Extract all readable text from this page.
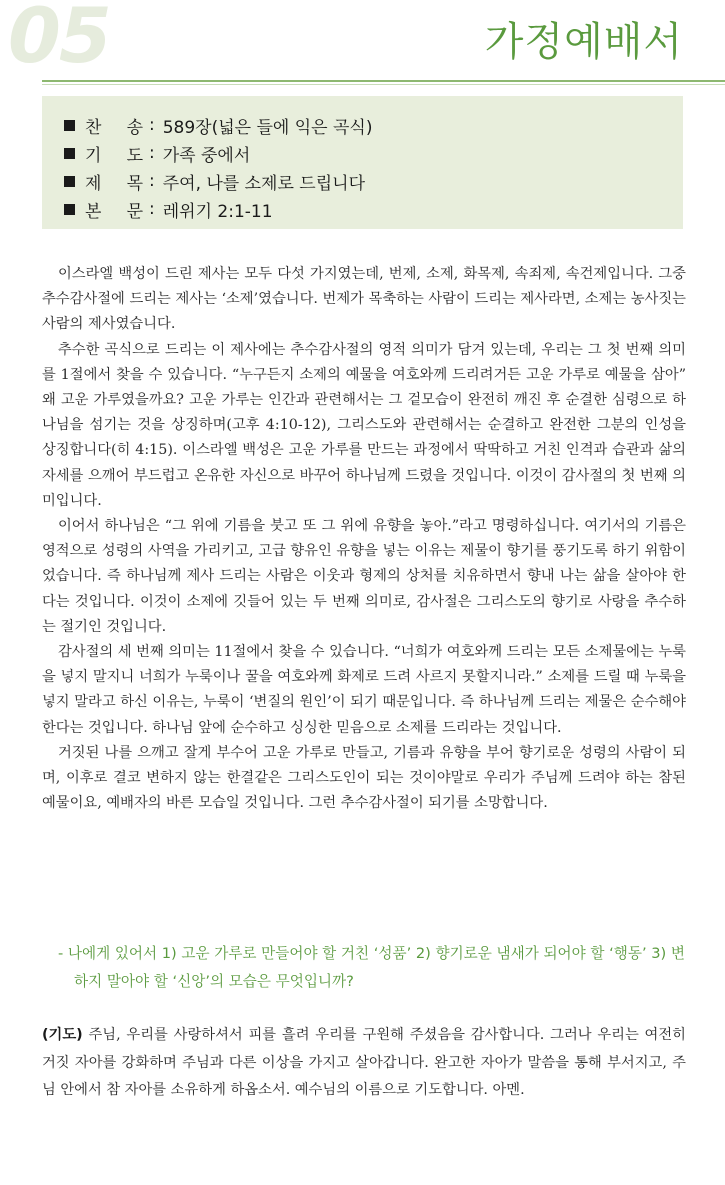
05	가정예배서
찬 송 : 589장(넓은 들에 익은 곡식)
기 도 : 가족 중에서
제 목 : 주여, 나를 소제로 드립니다
본 문 : 레위기 2:1-11

이스라엘 백성이 드린 제사는 모두 다섯 가지였는데, 번제, 소제, 화목제, 속죄제, 속건제입니다. 그중 추수감사절에 드리는 제사는 ‘소제’였습니다. 번제가 목축하는 사람이 드리는 제사라면, 소제는 농사짓는 사람의 제사였습니다.

추수한 곡식으로 드리는 이 제사에는 추수감사절의 영적 의미가 담겨 있는데, 우리는 그 첫 번째 의미를 1절에서 찾을 수 있습니다. “누구든지 소제의 예물을 여호와께 드리려거든 고운 가루로 예물을 삼아” 왜 고운 가루였을까요? 고운 가루는 인간과 관련해서는 그 겉모습이 완전히 깨진 후 순결한 심령으로 하나님을 섬기는 것을 상징하며(고후 4:10-12), 그리스도와 관련해서는 순결하고 완전한 그분의 인성을 상징합니다(히 4:15). 이스라엘 백성은 고운 가루를 만드는 과정에서 딱딱하고 거친 인격과 습관과 삶의 자세를 으깨어 부드럽고 온유한 자신으로 바꾸어 하나님께 드렸을 것입니다. 이것이 감사절의 첫 번째 의미입니다.

이어서 하나님은 “그 위에 기름을 붓고 또 그 위에 유향을 놓아.”라고 명령하십니다. 여기서의 기름은 영적으로 성령의 사역을 가리키고, 고급 향유인 유향을 넣는 이유는 제물이 향기를 풍기도록 하기 위함이었습니다. 즉 하나님께 제사 드리는 사람은 이웃과 형제의 상처를 치유하면서 향내 나는 삶을 살아야 한다는 것입니다. 이것이 소제에 깃들어 있는 두 번째 의미로, 감사절은 그리스도의 향기로 사랑을 추수하는 절기인 것입니다.

감사절의 세 번째 의미는 11절에서 찾을 수 있습니다. “너희가 여호와께 드리는 모든 소제물에는 누룩을 넣지 말지니 너희가 누룩이나 꿀을 여호와께 화제로 드려 사르지 못할지니라.” 소제를 드릴 때 누룩을 넣지 말라고 하신 이유는, 누룩이 ‘변질의 원인’이 되기 때문입니다. 즉 하나님께 드리는 제물은 순수해야 한다는 것입니다. 하나님 앞에 순수하고 싱싱한 믿음으로 소제를 드리라는 것입니다.

거짓된 나를 으깨고 잘게 부수어 고운 가루로 만들고, 기름과 유향을 부어 향기로운 성령의 사람이 되며, 이후로 결코 변하지 않는 한결같은 그리스도인이 되는 것이야말로 우리가 주님께 드려야 하는 참된 예물이요, 예배자의 바른 모습일 것입니다. 그런 추수감사절이 되기를 소망합니다.

- 나에게 있어서 1) 고운 가루로 만들어야 할 거친 ‘성품’ 2) 향기로운 냄새가 되어야 할 ‘행동’ 3) 변하지 말아야 할 ‘신앙’의 모습은 무엇입니까?

(기도) 주님, 우리를 사랑하셔서 피를 흘려 우리를 구원해 주셨음을 감사합니다. 그러나 우리는 여전히 거짓 자아를 강화하며 주님과 다른 이상을 가지고 살아갑니다. 완고한 자아가 말씀을 통해 부서지고, 주님 안에서 참 자아를 소유하게 하옵소서. 예수님의 이름으로 기도합니다. 아멘.
